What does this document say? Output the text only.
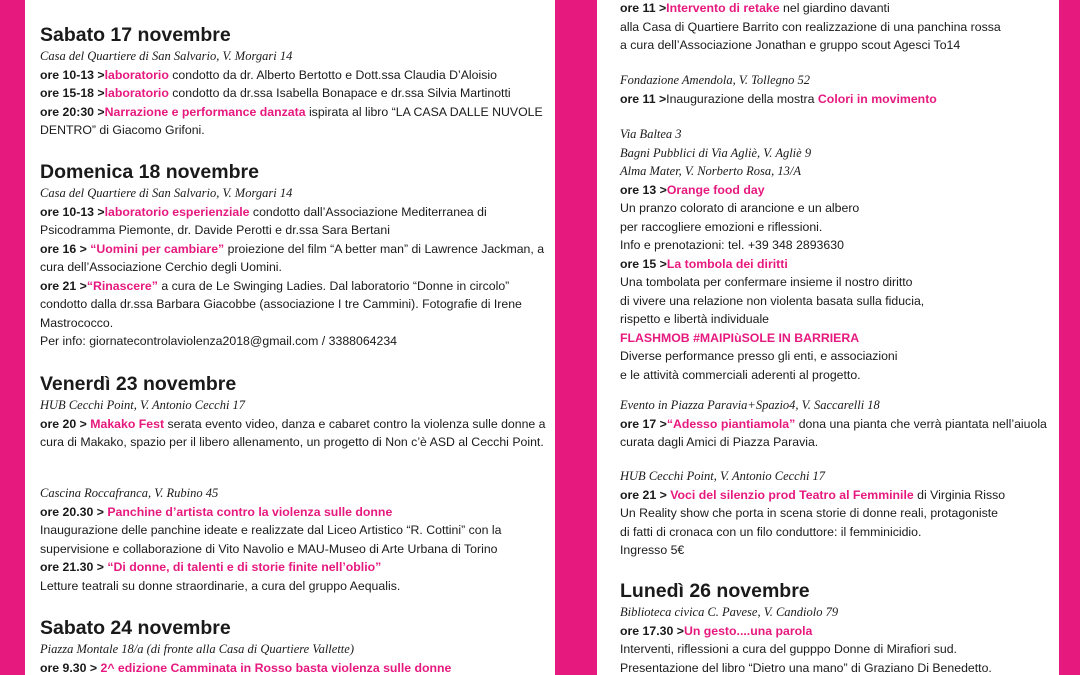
Sabato 17 novembre

Casa del Quartiere di San Salvario, V. Morgari 14

ore 10-13 >laboratorio condotto da dr. Alberto Bertotto e Dott.ssa Claudia D’Aloisio

ore 15-18 >laboratorio condotto da dr.ssa Isabella Bonapace e dr.ssa Silvia Martinotti

ore 20:30 >Narrazione e performance danzata ispirata al libro “LA CASA DALLE NUVOLE DENTRO” di Giacomo Grifoni.

Domenica 18 novembre

Casa del Quartiere di San Salvario, V. Morgari 14

ore 10-13 >laboratorio esperienziale condotto dall’Associazione Mediterranea di Psicodramma Piemonte, dr. Davide Perotti e dr.ssa Sara Bertani

ore 16 > “Uomini per cambiare” proiezione del film “A better man” di Lawrence Jackman, a cura dell’Associazione Cerchio degli Uomini.

ore 21 >“Rinascere” a cura de Le Swinging Ladies. Dal laboratorio “Donne in circolo” condotto dalla dr.ssa Barbara Giacobbe (associazione I tre Cammini). Fotografie di Irene Mastrococco.

Per info: giornatecontrolaviolenza2018@gmail.com / 3388064234

Venerdì 23 novembre

HUB Cecchi Point, V. Antonio Cecchi 17

ore 20 > Makako Fest serata evento video, danza e cabaret contro la violenza sulle donne a cura di Makako, spazio per il libero allenamento, un progetto di Non c’è ASD al Cecchi Point.

Cascina Roccafranca, V. Rubino 45

ore 20.30 > Panchine d’artista contro la violenza sulle donne

Inaugurazione delle panchine ideate e realizzate dal Liceo Artistico “R. Cottini” con la supervisione e collaborazione di Vito Navolio e MAU-Museo di Arte Urbana di Torino

ore 21.30 > “Di donne, di talenti e di storie finite nell’oblio”

Letture teatrali su donne straordinarie, a cura del gruppo Aequalis.

Sabato 24 novembre

Piazza Montale 18/a (di fronte alla Casa di Quartiere Vallette)

ore 9.30 > 2^ edizione Camminata in Rosso basta violenza sulle donne

ore 11 >Intervento di retake nel giardino davanti

alla Casa di Quartiere Barrito con realizzazione di una panchina rossa

a cura dell’Associazione Jonathan e gruppo scout Agesci To14

Fondazione Amendola, V. Tollegno 52

ore 11 >Inaugurazione della mostra Colori in movimento

Via Baltea 3

Bagni Pubblici di Via Agliè, V. Agliè 9

Alma Mater, V. Norberto Rosa, 13/A

ore 13 >Orange food day

Un pranzo colorato di arancione e un albero

per raccogliere emozioni e riflessioni.

Info e prenotazioni: tel. +39 348 2893630

ore 15 >La tombola dei diritti

Una tombolata per confermare insieme il nostro diritto

di vivere una relazione non violenta basata sulla fiducia,

rispetto e libertà individuale

FLASHMOB #MAIPIùSOLE IN BARRIERA

Diverse performance presso gli enti, e associazioni

e le attività commerciali aderenti al progetto.

Evento in Piazza Paravia+Spazio4, V. Saccarelli 18

ore 17 >“Adesso piantiamola” dona una pianta che verrà piantata nell’aiuola curata dagli Amici di Piazza Paravia.

HUB Cecchi Point, V. Antonio Cecchi 17

ore 21 > Voci del silenzio prod Teatro al Femminile di Virginia Risso

Un Reality show che porta in scena storie di donne reali, protagoniste

di fatti di cronaca con un filo conduttore: il femminicidio.

Ingresso 5€

Lunedì 26 novembre

Biblioteca civica C. Pavese, V. Candiolo 79

ore 17.30 >Un gesto....una parola

Interventi, riflessioni a cura del gupppo Donne di Mirafiori sud.

Presentazione del libro “Dietro una mano” di Graziano Di Benedetto.
